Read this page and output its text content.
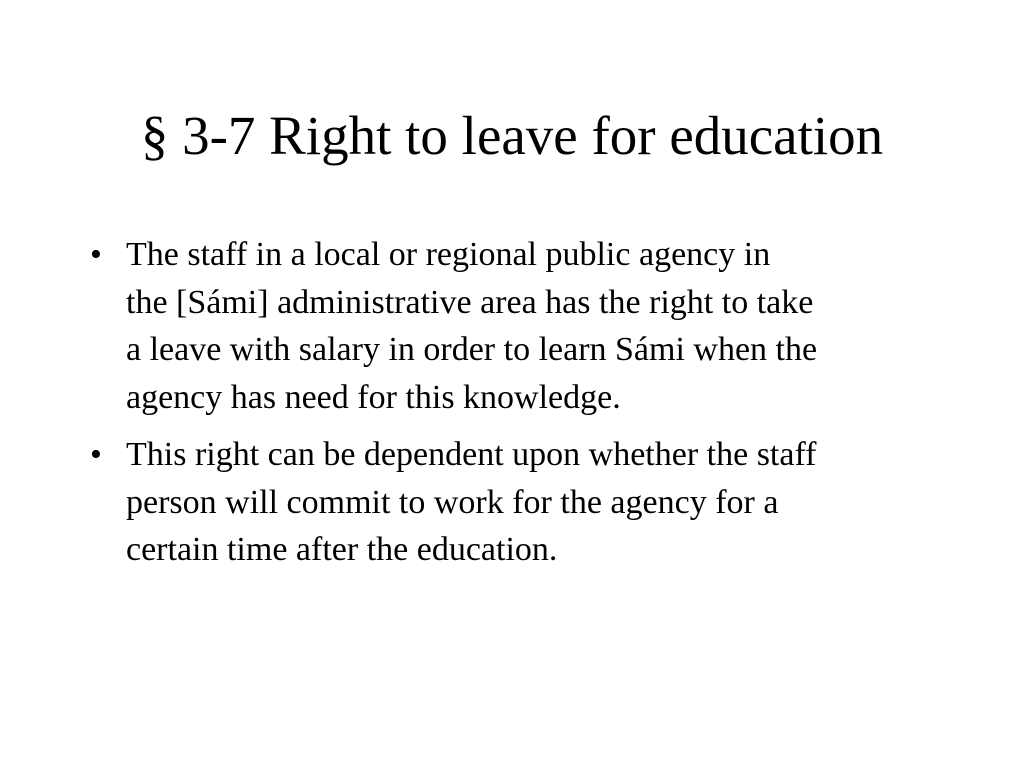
§ 3-7 Right to leave for education
• The staff in a local or regional public agency in
the [Sámi] administrative area has the right to take
a leave with salary in order to learn Sámi when the
agency has need for this knowledge.
• This right can be dependent upon whether the staff
person will commit to work for the agency for a
certain time after the education.
